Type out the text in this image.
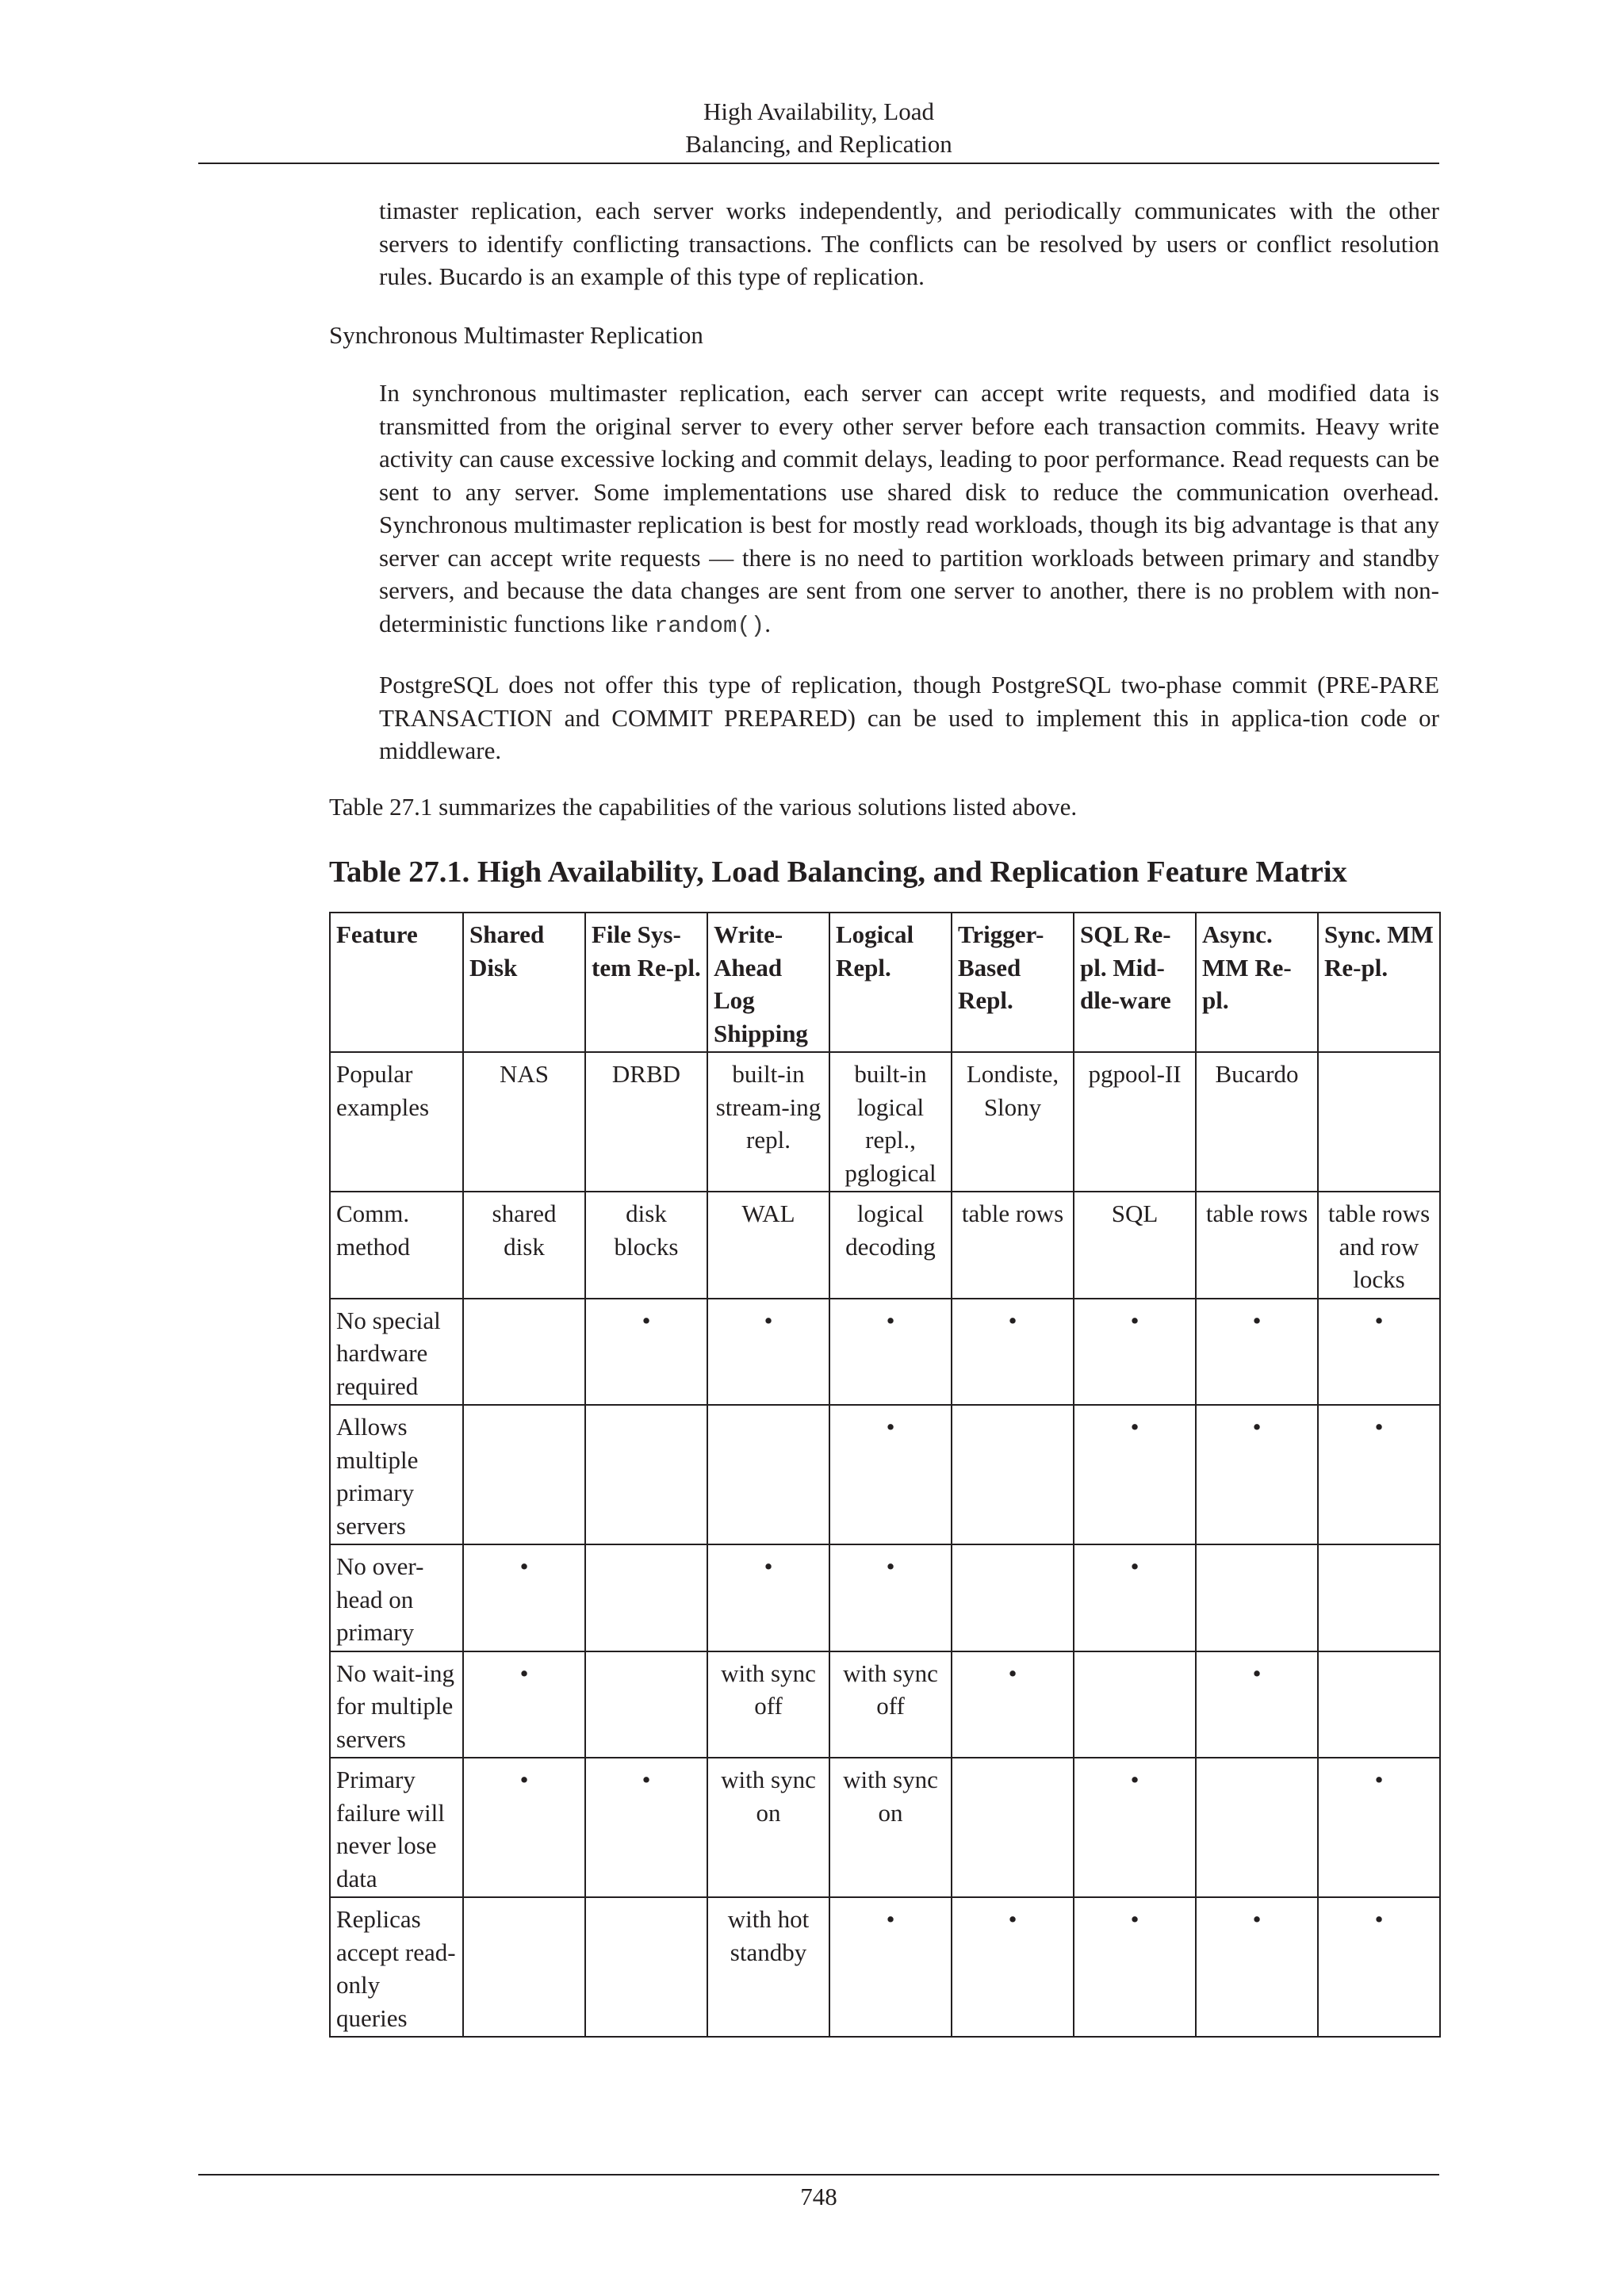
High Availability, Load
Balancing, and Replication

timaster replication, each server works independently, and periodically communicates with the other servers to identify conflicting transactions. The conflicts can be resolved by users or conflict resolution rules. Bucardo is an example of this type of replication.

Synchronous Multimaster Replication

In synchronous multimaster replication, each server can accept write requests, and modified data is transmitted from the original server to every other server before each transaction commits. Heavy write activity can cause excessive locking and commit delays, leading to poor performance. Read requests can be sent to any server. Some implementations use shared disk to reduce the communication overhead. Synchronous multimaster replication is best for mostly read workloads, though its big advantage is that any server can accept write requests — there is no need to partition workloads between primary and standby servers, and because the data changes are sent from one server to another, there is no problem with non-deterministic functions like random().

PostgreSQL does not offer this type of replication, though PostgreSQL two-phase commit (PRE-PARE TRANSACTION and COMMIT PREPARED) can be used to implement this in applica-tion code or middleware.

Table 27.1 summarizes the capabilities of the various solutions listed above.

Table 27.1. High Availability, Load Balancing, and Replication Feature Matrix
Feature	Shared Disk	File Sys-tem Re-pl.	Write-Ahead Log Shipping	Logical Repl.	Trigger-Based Repl.	SQL Re-pl. Mid-dle-ware	Async. MM Re-pl.	Sync. MM Re-pl.
Popular examples	NAS	DRBD	built-in stream-ing repl.	built-in logical repl., pglogical	Londiste, Slony	pgpool-II	Bucardo	
Comm. method	shared disk	disk blocks	WAL	logical decoding	table rows	SQL	table rows	table rows and row locks
No special hardware required		•	•	•	•	•	•	•
Allows multiple primary servers				•		•	•	•
No over-head on primary	•		•	•		•		
No wait-ing for multiple servers	•		with sync off	with sync off	•		•	
Primary failure will never lose data	•	•	with sync on	with sync on		•		•
Replicas accept read-only queries			with hot standby	•	•	•	•	•
748
